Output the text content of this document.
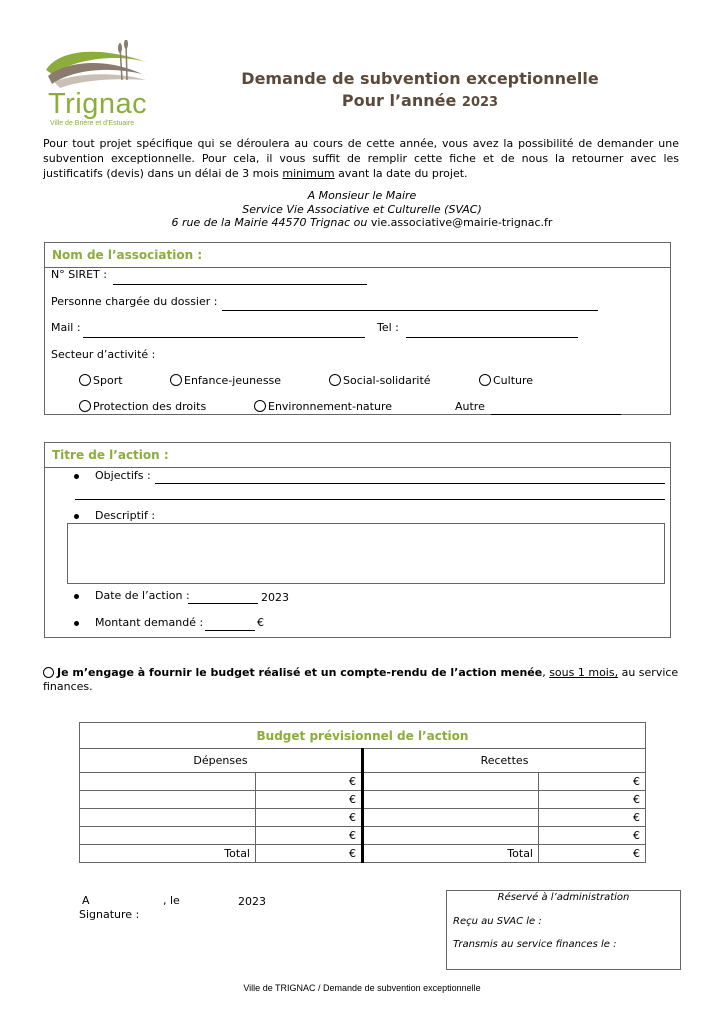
Trignac
Ville de Brière et d'Estuaire
Demande de subvention exceptionnelle
Pour l’année 2023
Pour tout projet spécifique qui se déroulera au cours de cette année, vous avez la possibilité de demander une subvention exceptionnelle. Pour cela, il vous suffit de remplir cette fiche et de nous la retourner avec les justificatifs (devis) dans un délai de 3 mois minimum avant la date du projet.
A Monsieur le Maire
Service Vie Associative et Culturelle (SVAC)
6 rue de la Mairie 44570 Trignac ou vie.associative@mairie-trignac.fr
Nom de l’association :
N° SIRET :
Personne chargée du dossier :
Mail :	Tel :
Secteur d’activité :
Sport	Enfance-jeunesse	Social-solidarité	Culture
Protection des droits	Environnement-nature	Autre
Titre de l’action :
Objectifs :
Descriptif :
Date de l’action :	2023
Montant demandé :	€
Je m’engage à fournir le budget réalisé et un compte-rendu de l’action menée, sous 1 mois, au service finances.
Budget prévisionnel de l’action			
Dépenses		Recettes	
	€		€
	€		€
	€		€
	€		€
Total	€	Total	€
A	, le	2023
Signature :
Réservé à l’administration
Reçu au SVAC le :
Transmis au service finances le :
Ville de TRIGNAC / Demande de subvention exceptionnelle
